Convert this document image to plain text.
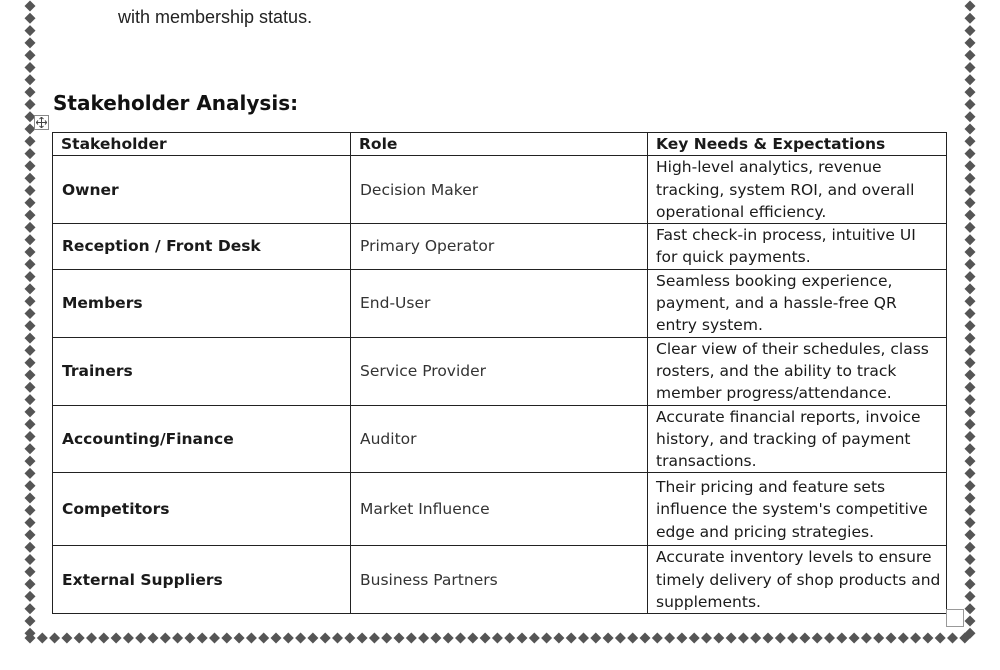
with membership status.
Stakeholder Analysis:
Stakeholder	Role	Key Needs & Expectations
Owner	Decision Maker	High-level analytics, revenue tracking, system ROI, and overall operational efficiency.
Reception / Front Desk	Primary Operator	Fast check-in process, intuitive UI for quick payments.
Members	End-User	Seamless booking experience, payment, and a hassle-free QR entry system.
Trainers	Service Provider	Clear view of their schedules, class rosters, and the ability to track member progress/attendance.
Accounting/Finance	Auditor	Accurate financial reports, invoice history, and tracking of payment transactions.
Competitors	Market Influence	Their pricing and feature sets influence the system's competitive edge and pricing strategies.
External Suppliers	Business Partners	Accurate inventory levels to ensure timely delivery of shop products and supplements.
